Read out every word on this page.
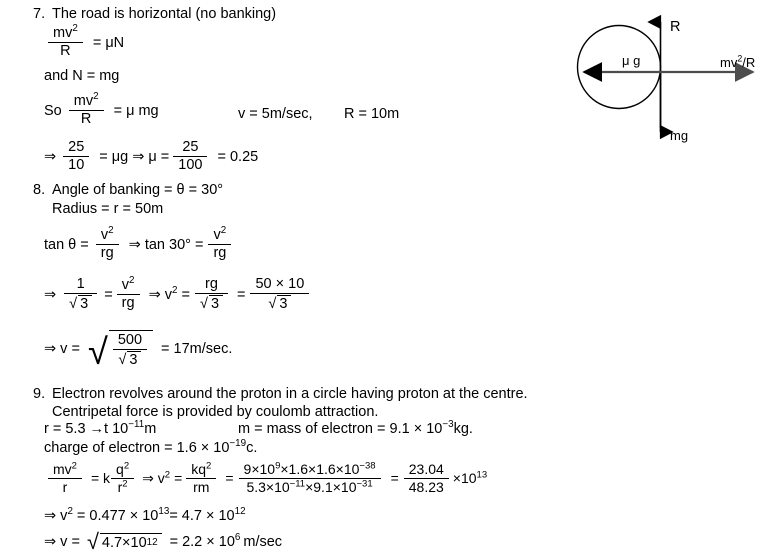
7. The road is horizontal (no banking)
$\frac{mv^2}{R} = \mu N$
and N = mg
So $\frac{mv^2}{R} = \mu$ mg	v = 5m/sec, R = 10m
⇒ $\frac{25}{10} = \mu g$ ⇒ $\mu = \frac{25}{100} = 0.25$
R
$mv^2/R$
μ g
mg
8. Angle of banking = θ = 30°
Radius = r = 50m
$\tan \theta = \frac{v^2}{rg}$ ⇒ $\tan 30^\circ = \frac{v^2}{rg}$
⇒ $\frac{1}{√ 3} = \frac{v^2}{rg}$ ⇒ $v^2 = \frac{rg}{√ 3} = \frac{50 \times 10}{√ 3}$
⇒ v = √ $\frac{500}{√ 3} = 17m/\sec$.
9. Electron revolves around the proton in a circle having proton at the centre.
Centripetal force is provided by coulomb attraction.
r = 5.3 →t $10^{-11}m$	m = mass of electron = $9.1 \times 10^{-3}kg$.
charge of electron = $1.6 \times 10^{-19}c$.
$\frac{mv^2}{r} = k \frac{q^2}{r^2}$ ⇒ $v^2 = \frac{kq^2}{rm} = \frac{9\times 10^9\times 1.6\times 1.6\times 10^{-38}}{5.3\times 10^{-11}\times 9.1\times 10^{-31}} = \frac{23.04}{48.23} \times 10^{13}$
⇒ $v^2 = 0.477 \times 10^{13}= 4.7 \times 10^{12}$
⇒ v = √ 4.7×10 $12 = 2.2 \times 10^6$ m/sec
